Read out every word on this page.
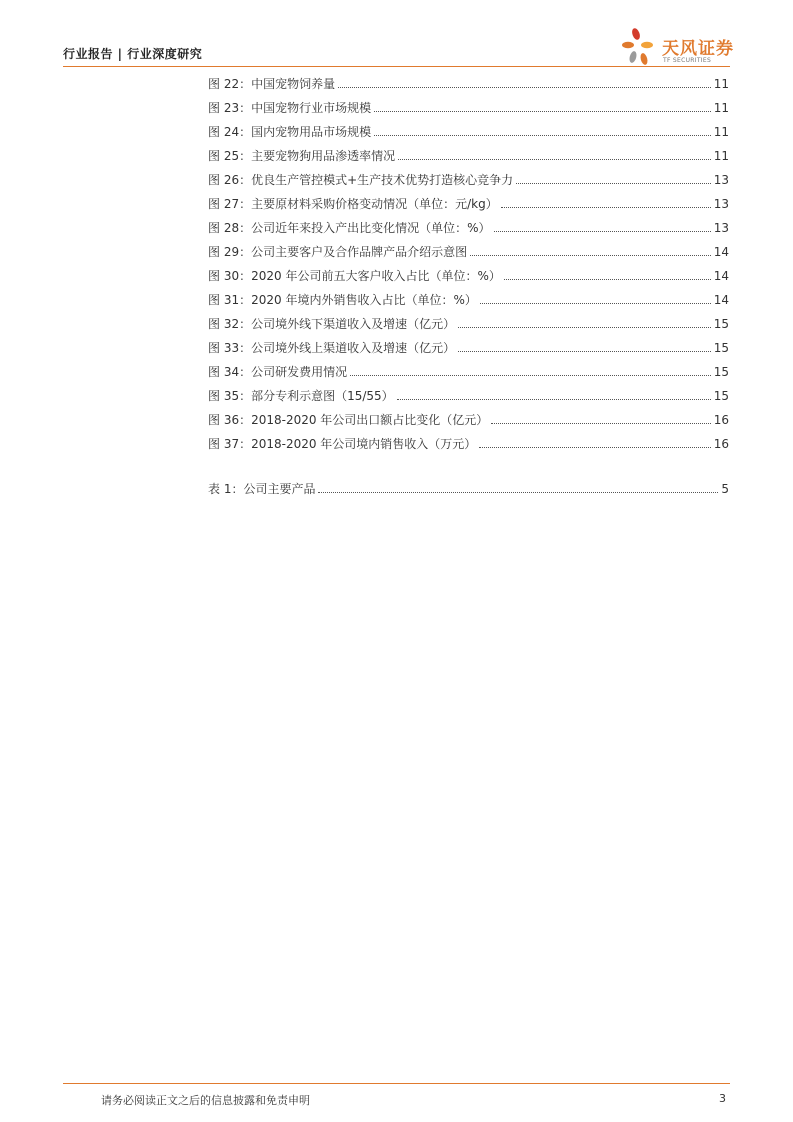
行业报告 | 行业深度研究	天风证券
TF SECURITIES
图 22：中国宠物饲养量	11
图 23：中国宠物行业市场规模	11
图 24：国内宠物用品市场规模	11
图 25：主要宠物狗用品渗透率情况	11
图 26：优良生产管控模式+生产技术优势打造核心竞争力	13
图 27：主要原材料采购价格变动情况（单位：元/kg）	13
图 28：公司近年来投入产出比变化情况（单位：%）	13
图 29：公司主要客户及合作品牌产品介绍示意图	14
图 30：2020 年公司前五大客户收入占比（单位：%）	14
图 31：2020 年境内外销售收入占比（单位：%）	14
图 32：公司境外线下渠道收入及增速（亿元）	15
图 33：公司境外线上渠道收入及增速（亿元）	15
图 34：公司研发费用情况	15
图 35：部分专利示意图（15/55）	15
图 36：2018-2020 年公司出口额占比变化（亿元）	16
图 37：2018-2020 年公司境内销售收入（万元）	16
表 1：公司主要产品	5
请务必阅读正文之后的信息披露和免责申明	3
